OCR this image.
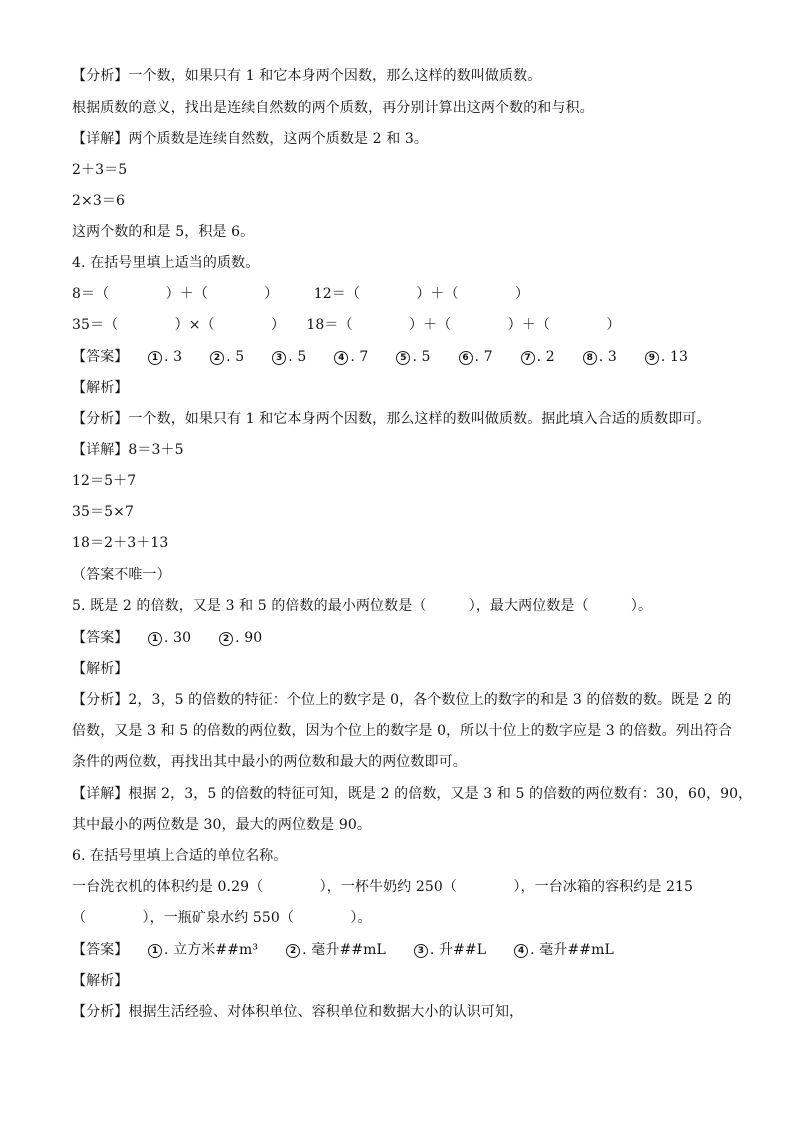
【分析】一个数，如果只有 1 和它本身两个因数，那么这样的数叫做质数。
根据质数的意义，找出是连续自然数的两个质数，再分别计算出这两个数的和与积。
【详解】两个质数是连续自然数，这两个质数是 2 和 3。
2＋3＝5
2×3＝6
这两个数的和是 5，积是 6。
4. 在括号里填上适当的质数。
8＝（　　　　）＋（　　　　）　　　12＝（　　　　）＋（　　　　）
35＝（　　　　）×（　　　　）　　18＝（　　　　）＋（　　　　）＋（　　　　）
【答案】	1 . 3	2 . 5	3 . 5	4 . 7	5 . 5	6 . 7	7 . 2	8 . 3	9 . 13
【解析】
【分析】一个数，如果只有 1 和它本身两个因数，那么这样的数叫做质数。据此填入合适的质数即可。
【详解】8＝3＋5
12＝5＋7
35＝5×7
18＝2＋3＋13
（答案不唯一）
5. 既是 2 的倍数，又是 3 和 5 的倍数的最小两位数是（　　　），最大两位数是（　　　）。
【答案】	1 . 30	2 . 90
【解析】
【分析】2，3，5 的倍数的特征：个位上的数字是 0，各个数位上的数字的和是 3 的倍数的数。既是 2 的
倍数，又是 3 和 5 的倍数的两位数，因为个位上的数字是 0，所以十位上的数字应是 3 的倍数。列出符合
条件的两位数，再找出其中最小的两位数和最大的两位数即可。
【详解】根据 2，3，5 的倍数的特征可知，既是 2 的倍数，又是 3 和 5 的倍数的两位数有：30，60，90，
其中最小的两位数是 30，最大的两位数是 90。
6. 在括号里填上合适的单位名称。
一台洗衣机的体积约是 0.29（　　　　），一杯牛奶约 250（　　　　），一台冰箱的容积约是 215
（　　　　），一瓶矿泉水约 550（　　　　）。
【答案】	1 . 立方米##m³	2 . 毫升##mL	3 . 升##L	4 . 毫升##mL
【解析】
【分析】根据生活经验、对体积单位、容积单位和数据大小的认识可知，
